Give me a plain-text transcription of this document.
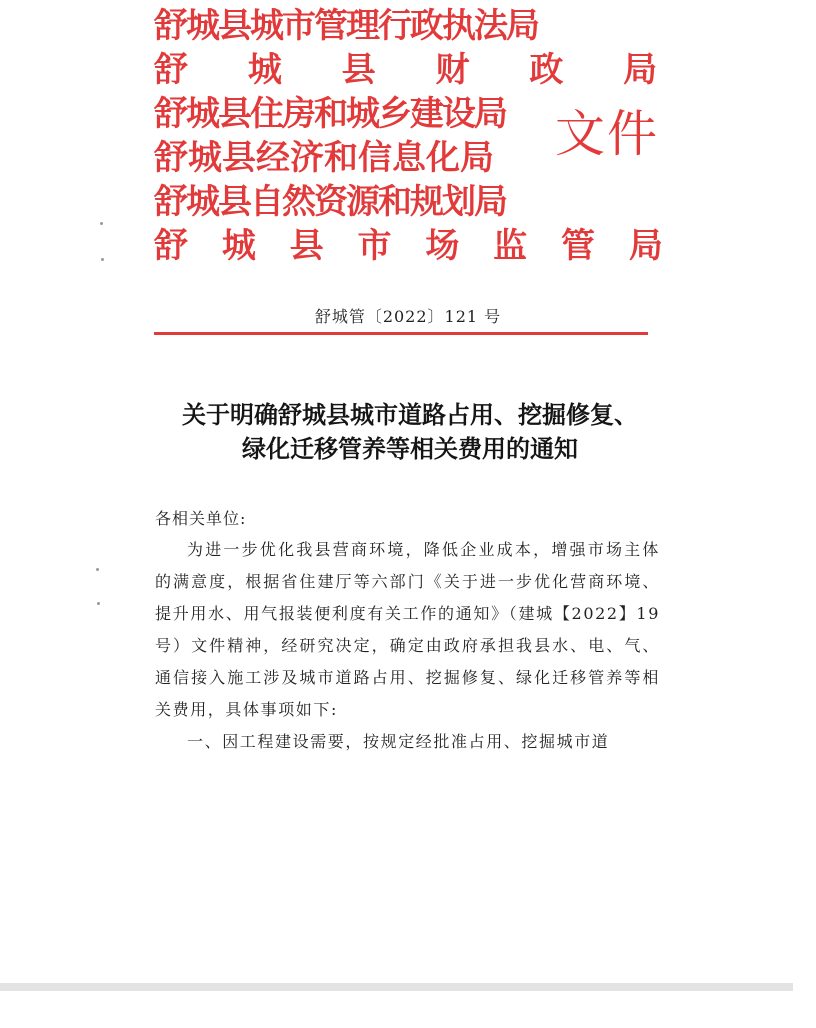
舒城县城市管理行政执法局
舒 城 县 财 政 局
舒城县住房和城乡建设局
舒城县经济和信息化局
舒城县自然资源和规划局
舒 城 县 市 场 监 管 局
文件
舒城管〔2022〕121 号
关于明确舒城县城市道路占用、挖掘修复、
绿化迁移管养等相关费用的通知
各相关单位:

为进一步优化我县营商环境，降低企业成本，增强市场主体的满意度，根据省住建厅等六部门《关于进一步优化营商环境、提升用水、用气报装便利度有关工作的通知》（建城【2022】19 号）文件精神，经研究决定，确定由政府承担我县水、电、气、通信接入施工涉及城市道路占用、挖掘修复、绿化迁移管养等相关费用，具体事项如下:

一、因工程建设需要，按规定经批准占用、挖掘城市道
